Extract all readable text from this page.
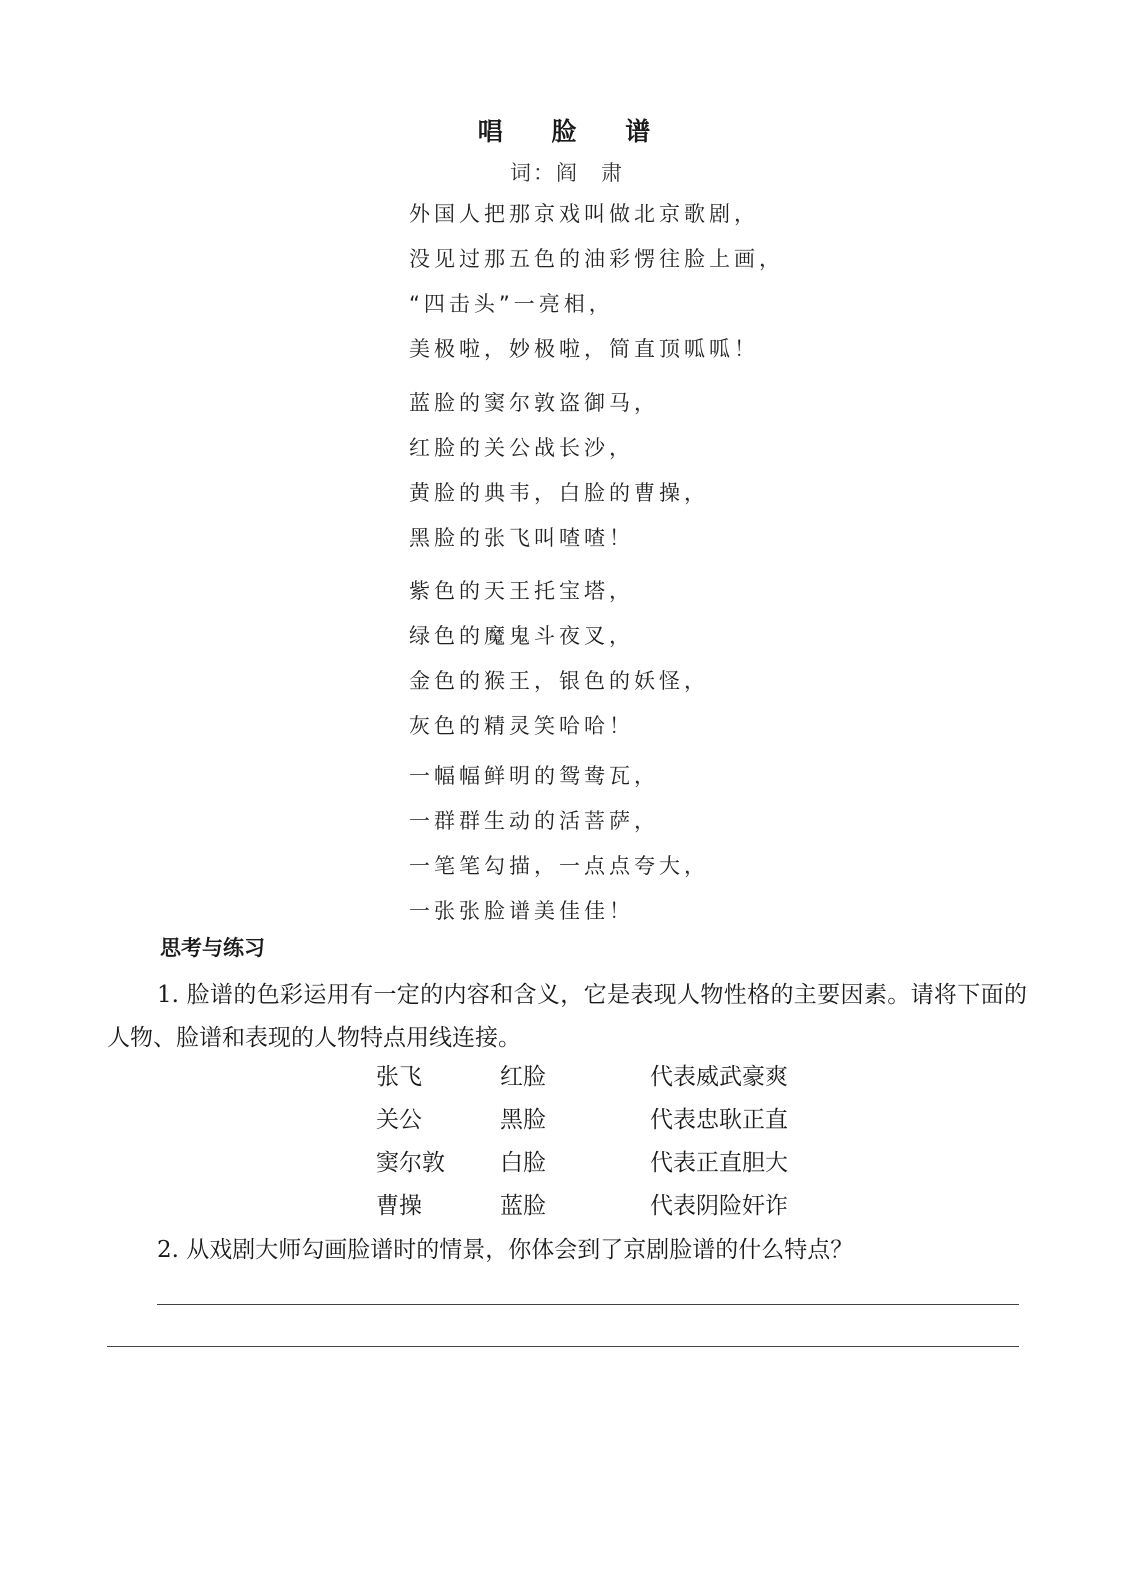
唱 脸 谱
词：阎 肃
外国人把那京戏叫做北京歌剧，
没见过那五色的油彩愣往脸上画，
“四击头”一亮相，
美极啦，妙极啦，简直顶呱呱！
蓝脸的窦尔敦盗御马，
红脸的关公战长沙，
黄脸的典韦，白脸的曹操，
黑脸的张飞叫喳喳！
紫色的天王托宝塔，
绿色的魔鬼斗夜叉，
金色的猴王，银色的妖怪，
灰色的精灵笑哈哈！
一幅幅鲜明的鸳鸯瓦，
一群群生动的活菩萨，
一笔笔勾描，一点点夸大，
一张张脸谱美佳佳！
思考与练习
1. 脸谱的色彩运用有一定的内容和含义，它是表现人物性格的主要因素。请将下面的人物、脸谱和表现的人物特点用线连接。
张飞	红脸	代表威武豪爽
关公	黑脸	代表忠耿正直
窦尔敦 白脸	代表正直胆大
曹操	蓝脸	代表阴险奸诈
2. 从戏剧大师勾画脸谱时的情景，你体会到了京剧脸谱的什么特点？
